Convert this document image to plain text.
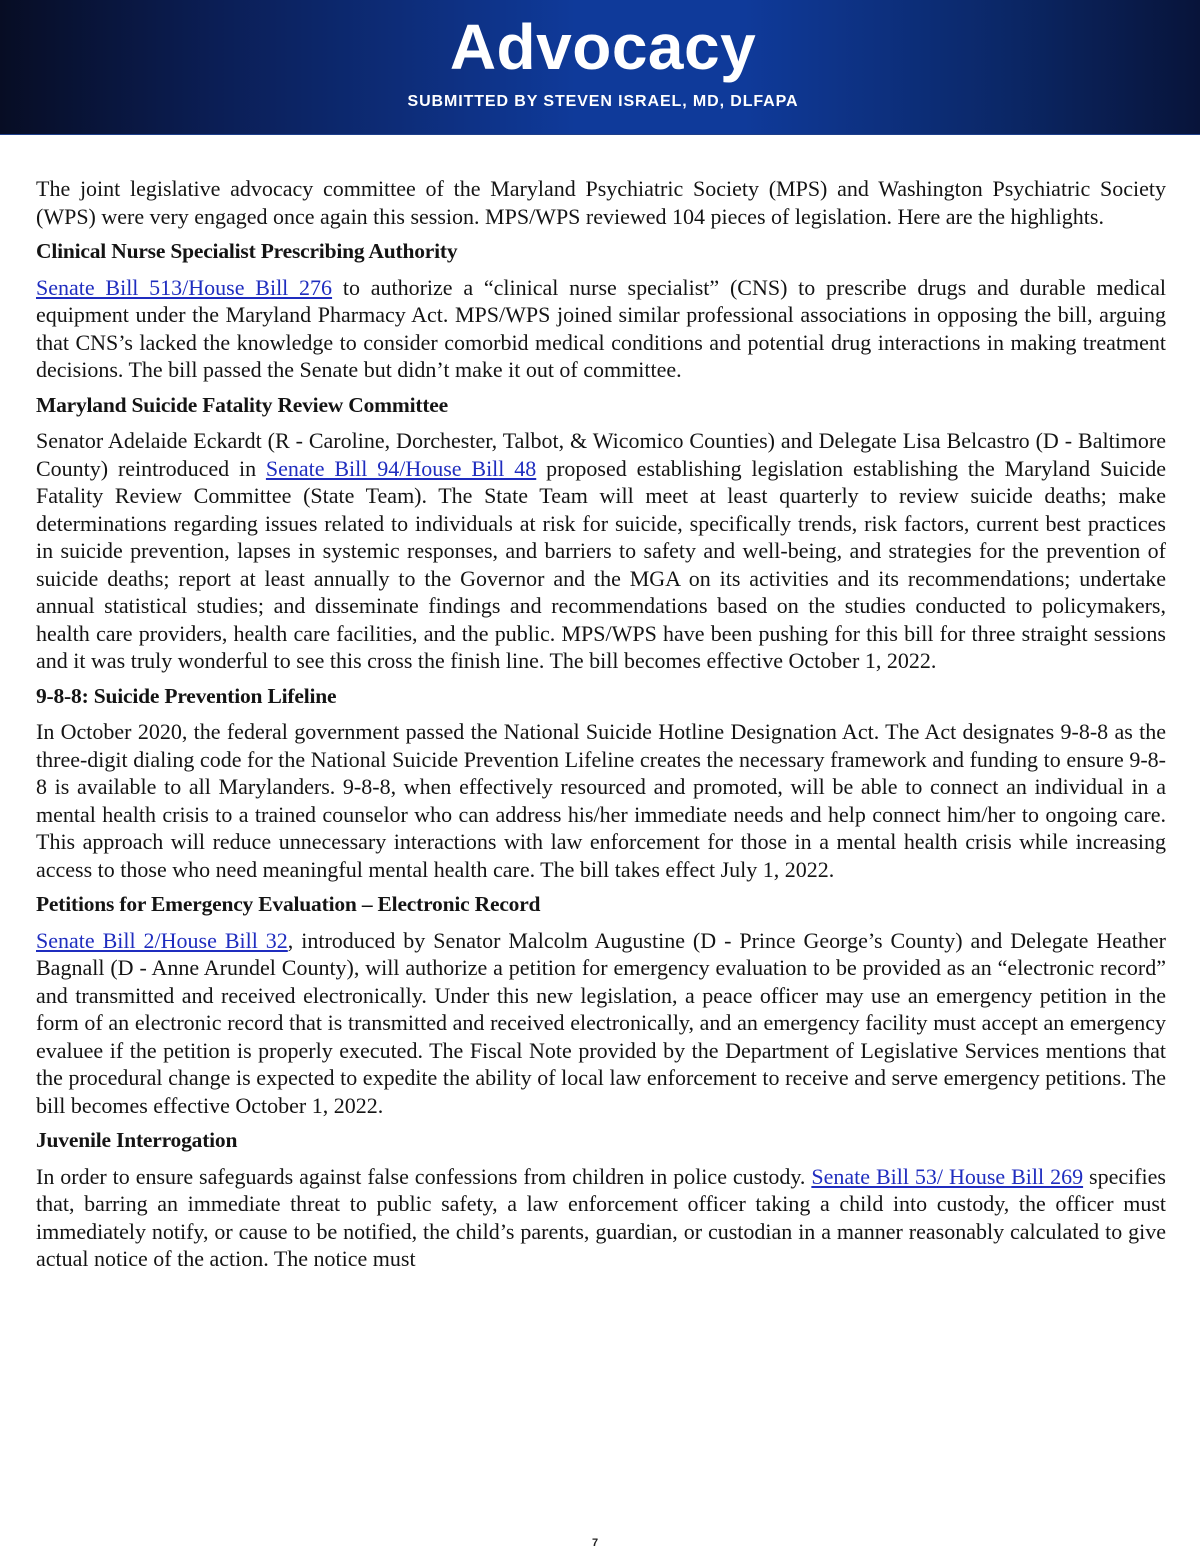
Advocacy
SUBMITTED BY STEVEN ISRAEL, MD, DLFAPA

The joint legislative advocacy committee of the Maryland Psychiatric Society (MPS) and Washington Psychiatric Society (WPS) were very engaged once again this session. MPS/WPS reviewed 104 pieces of legislation. Here are the highlights.

Clinical Nurse Specialist Prescribing Authority

Senate Bill 513/House Bill 276 to authorize a “clinical nurse specialist” (CNS) to prescribe drugs and durable medical equipment under the Maryland Pharmacy Act. MPS/WPS joined similar professional associations in opposing the bill, arguing that CNS’s lacked the knowledge to consider comorbid medical conditions and potential drug interactions in making treatment decisions. The bill passed the Senate but didn’t make it out of committee.

Maryland Suicide Fatality Review Committee

Senator Adelaide Eckardt (R - Caroline, Dorchester, Talbot, & Wicomico Counties) and Delegate Lisa Belcastro (D - Baltimore County) reintroduced in Senate Bill 94/House Bill 48 proposed establishing legislation establishing the Maryland Suicide Fatality Review Committee (State Team). The State Team will meet at least quarterly to review suicide deaths; make determinations regarding issues related to individuals at risk for suicide, specifically trends, risk factors, current best practices in suicide prevention, lapses in systemic responses, and barriers to safety and well-being, and strategies for the prevention of suicide deaths; report at least annually to the Governor and the MGA on its activities and its recommendations; undertake annual statistical studies; and disseminate findings and recommendations based on the studies conducted to policymakers, health care providers, health care facilities, and the public. MPS/WPS have been pushing for this bill for three straight sessions and it was truly wonderful to see this cross the finish line. The bill becomes effective October 1, 2022.

9-8-8: Suicide Prevention Lifeline

In October 2020, the federal government passed the National Suicide Hotline Designation Act. The Act designates 9-8-8 as the three-digit dialing code for the National Suicide Prevention Lifeline creates the necessary framework and funding to ensure 9-8-8 is available to all Marylanders. 9-8-8, when effectively resourced and promoted, will be able to connect an individual in a mental health crisis to a trained counselor who can address his/her immediate needs and help connect him/her to ongoing care. This approach will reduce unnecessary interactions with law enforcement for those in a mental health crisis while increasing access to those who need meaningful mental health care. The bill takes effect July 1, 2022.

Petitions for Emergency Evaluation – Electronic Record

Senate Bill 2/House Bill 32, introduced by Senator Malcolm Augustine (D - Prince George’s County) and Delegate Heather Bagnall (D - Anne Arundel County), will authorize a petition for emergency evaluation to be provided as an “electronic record” and transmitted and received electronically. Under this new legislation, a peace officer may use an emergency petition in the form of an electronic record that is transmitted and received electronically, and an emergency facility must accept an emergency evaluee if the petition is properly executed. The Fiscal Note provided by the Department of Legislative Services mentions that the procedural change is expected to expedite the ability of local law enforcement to receive and serve emergency petitions. The bill becomes effective October 1, 2022.

Juvenile Interrogation

In order to ensure safeguards against false confessions from children in police custody. Senate Bill 53/ House Bill 269 specifies that, barring an immediate threat to public safety, a law enforcement officer taking a child into custody, the officer must immediately notify, or cause to be notified, the child’s parents, guardian, or custodian in a manner reasonably calculated to give actual notice of the action. The notice must

7
